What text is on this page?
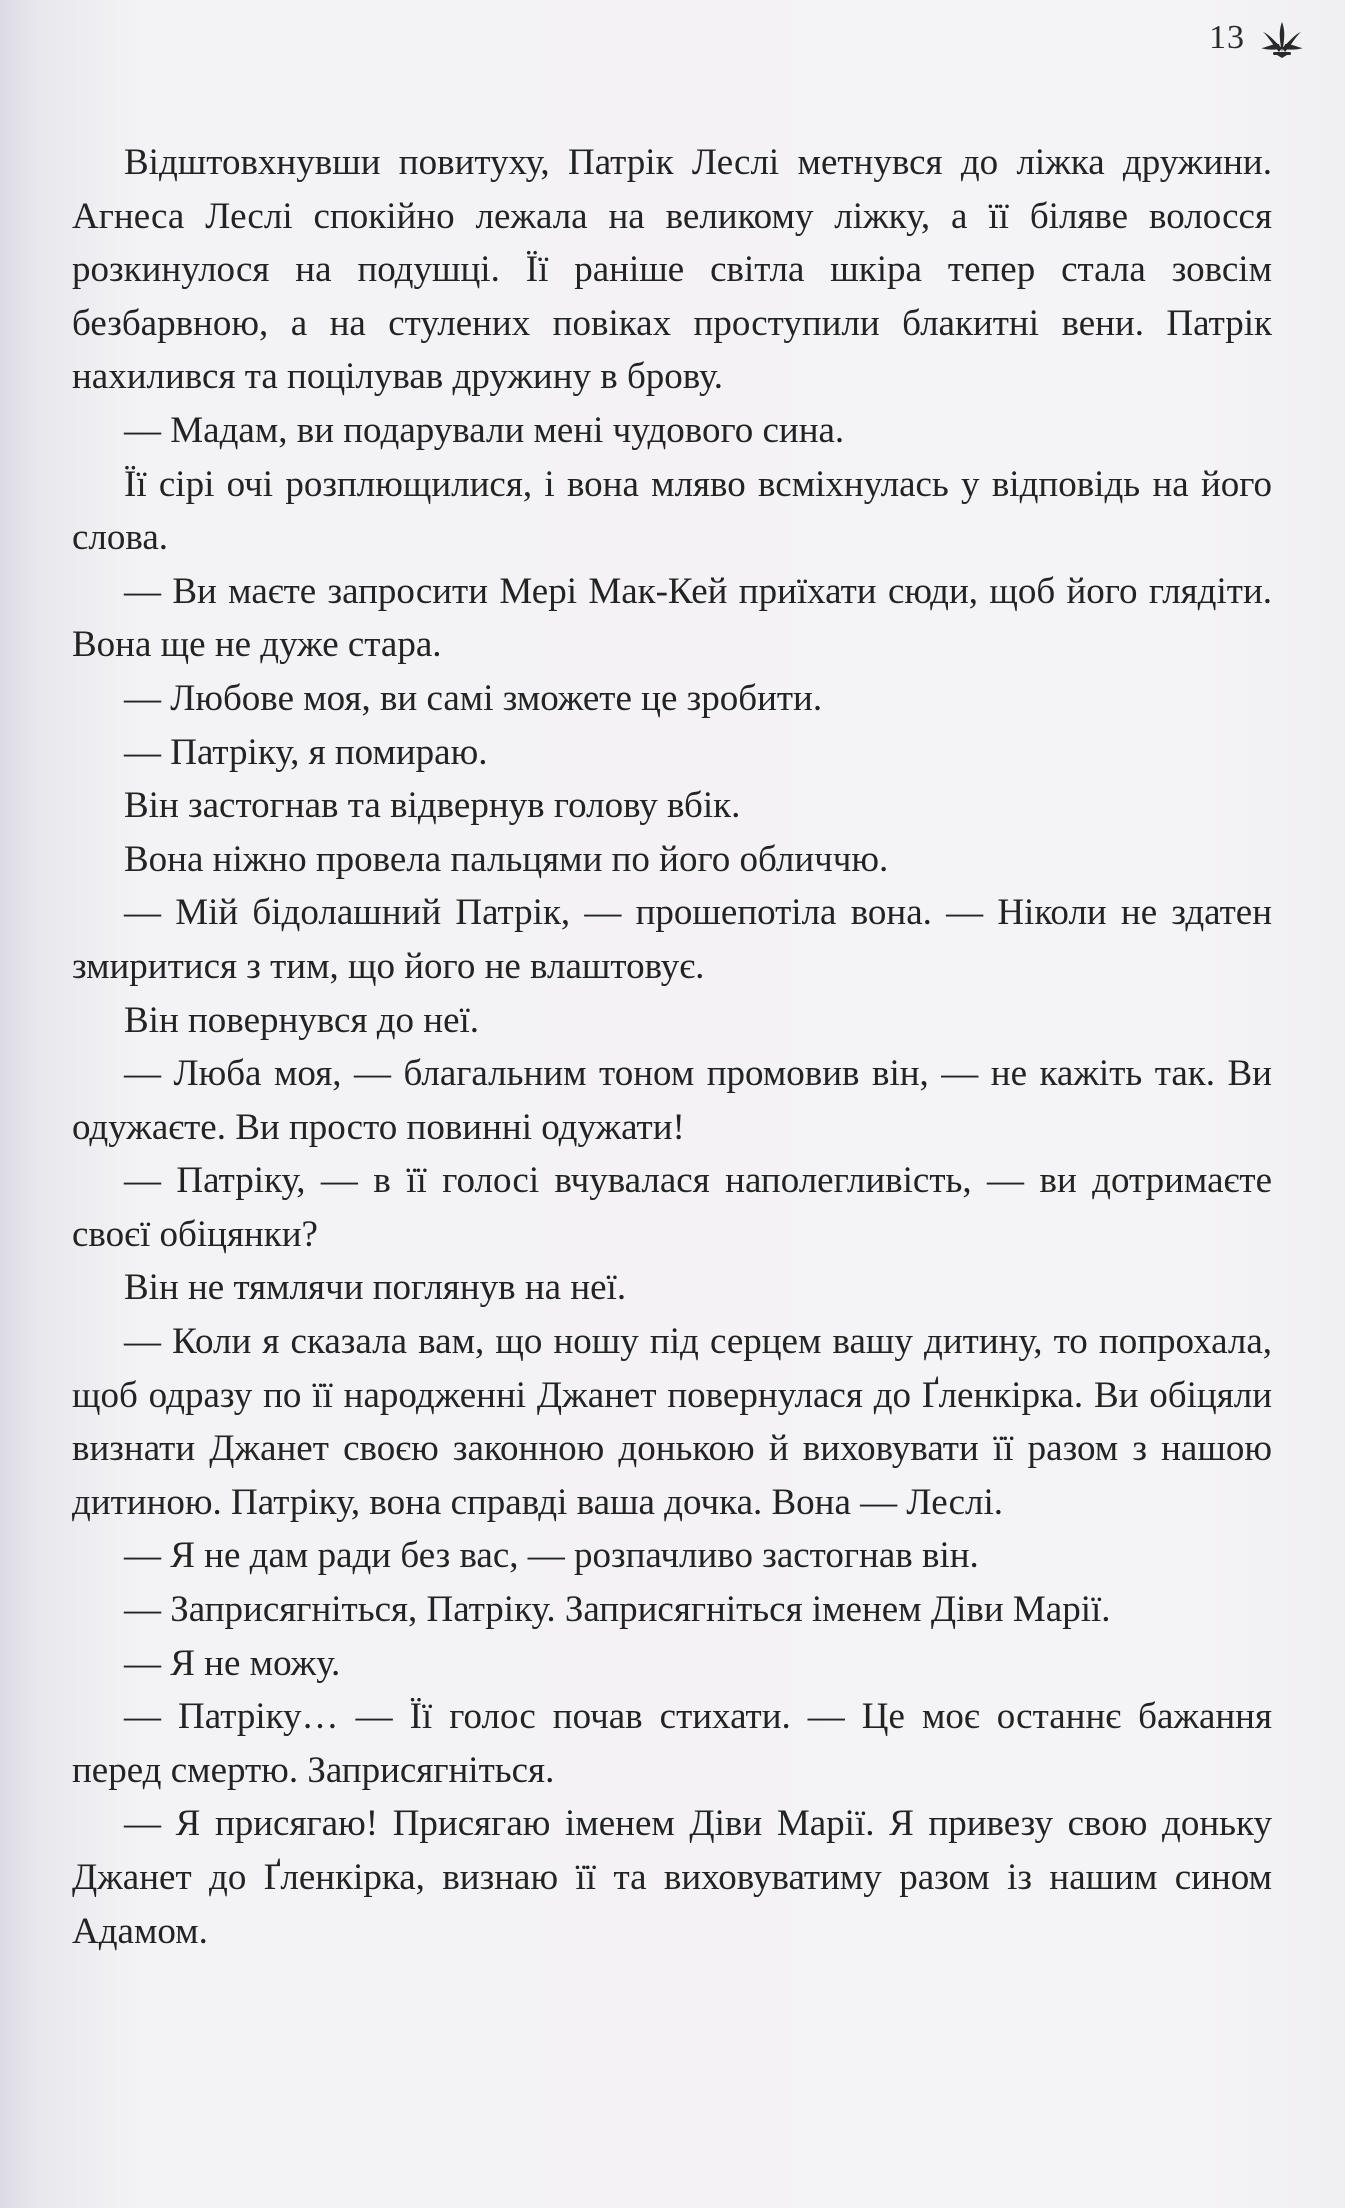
13

Відштовхнувши повитуху, Патрік Леслі метнувся до ліжка дружини. Агнеса Леслі спокійно лежала на великому ліжку, а її біляве волосся розкинулося на подушці. Її раніше світла шкіра тепер стала зовсім безбарвною, а на стулених повіках проступили блакитні вени. Патрік нахилився та поцілував дружину в брову.

— Мадам, ви подарували мені чудового сина.

Її сірі очі розплющилися, і вона мляво всміхнулась у відповідь на його слова.

— Ви маєте запросити Мері Мак-Кей приїхати сюди, щоб його глядіти. Вона ще не дуже стара.

— Любове моя, ви самі зможете це зробити.

— Патріку, я помираю.

Він застогнав та відвернув голову вбік.

Вона ніжно провела пальцями по його обличчю.

— Мій бідолашний Патрік, — прошепотіла вона. — Ніколи не здатен змиритися з тим, що його не влаштовує.

Він повернувся до неї.

— Люба моя, — благальним тоном промовив він, — не кажіть так. Ви одужаєте. Ви просто повинні одужати!

— Патріку, — в її голосі вчувалася наполегливість, — ви дотримаєте своєї обіцянки?

Він не тямлячи поглянув на неї.

— Коли я сказала вам, що ношу під серцем вашу дитину, то попрохала, щоб одразу по її народженні Джанет повернулася до Ґленкірка. Ви обіцяли визнати Джанет своєю законною донькою й виховувати її разом з нашою дитиною. Патріку, вона справді ваша дочка. Вона — Леслі.

— Я не дам ради без вас, — розпачливо застогнав він.

— Заприсягніться, Патріку. Заприсягніться іменем Діви Марії.

— Я не можу.

— Патріку… — Її голос почав стихати. — Це моє останнє бажання перед смертю. Заприсягніться.

— Я присягаю! Присягаю іменем Діви Марії. Я привезу свою доньку Джанет до Ґленкірка, визнаю її та виховуватиму разом із нашим сином Адамом.
